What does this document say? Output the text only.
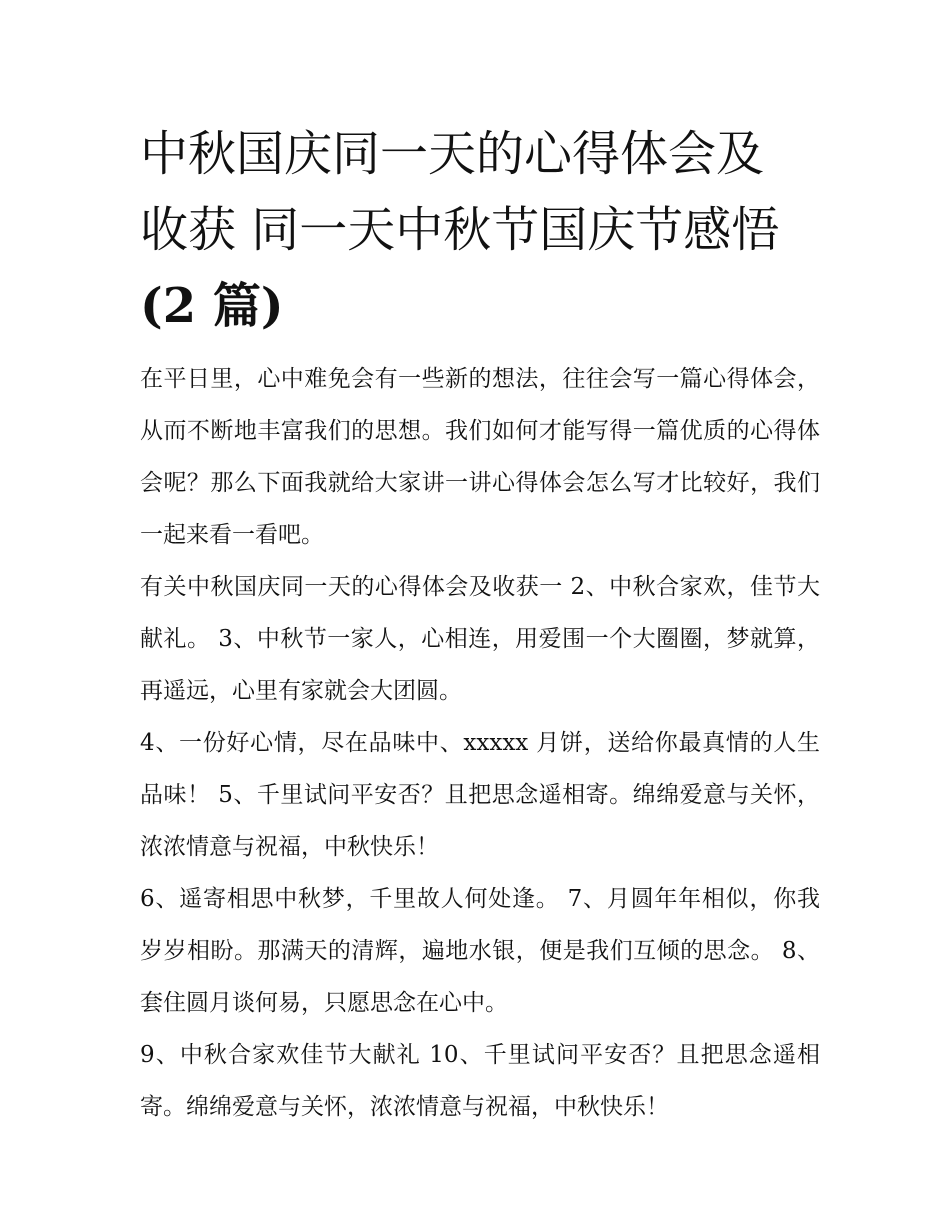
中秋国庆同一天的心得体会及
收获 同一天中秋节国庆节感悟
(2 篇)

在平日里，心中难免会有一些新的想法，往往会写一篇心得体会，从而不断地丰富我们的思想。我们如何才能写得一篇优质的心得体会呢？那么下面我就给大家讲一讲心得体会怎么写才比较好，我们一起来看一看吧。

有关中秋国庆同一天的心得体会及收获一 2、中秋合家欢，佳节大献礼。 3、中秋节一家人，心相连，用爱围一个大圈圈，梦就算，再遥远，心里有家就会大团圆。

4、一份好心情，尽在品味中、xxxxx 月饼，送给你最真情的人生品味！ 5、千里试问平安否？且把思念遥相寄。绵绵爱意与关怀，浓浓情意与祝福，中秋快乐！

6、遥寄相思中秋梦，千里故人何处逢。 7、月圆年年相似，你我岁岁相盼。那满天的清辉，遍地水银，便是我们互倾的思念。 8、套住圆月谈何易，只愿思念在心中。

9、中秋合家欢佳节大献礼 10、千里试问平安否？且把思念遥相寄。绵绵爱意与关怀，浓浓情意与祝福，中秋快乐！
